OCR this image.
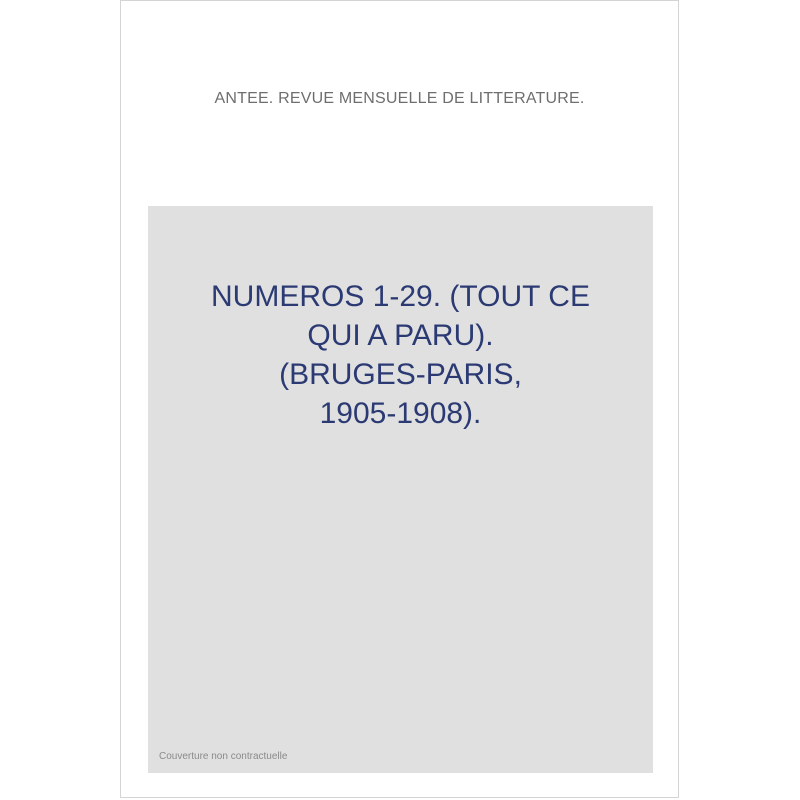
ANTEE. REVUE MENSUELLE DE LITTERATURE.
NUMEROS 1-29. (TOUT CE
QUI A PARU).
(BRUGES-PARIS,
1905-1908).
Couverture non contractuelle
